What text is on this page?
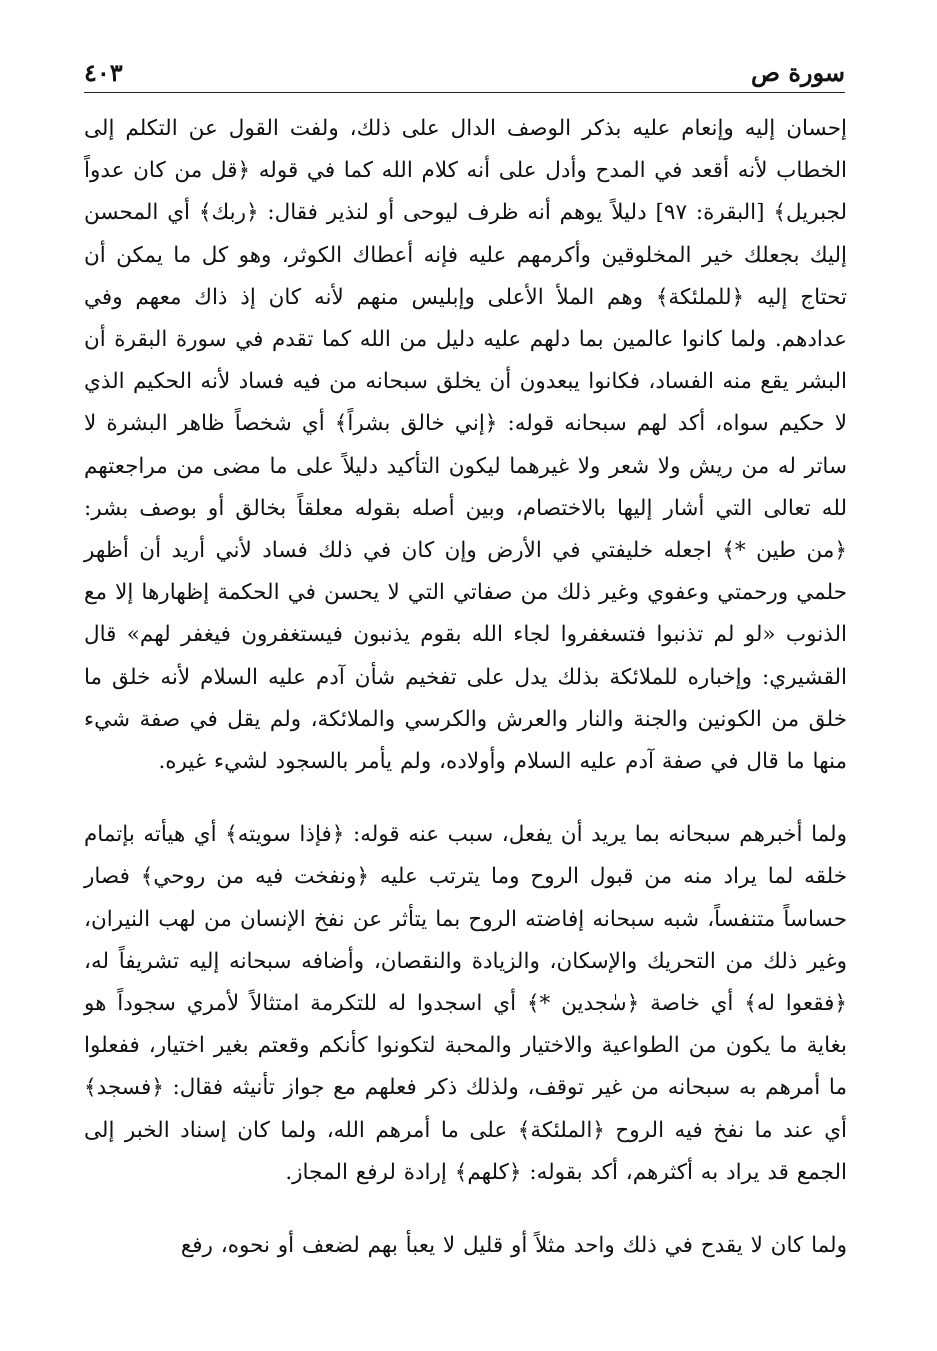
٤٠٣	سورة ص

إحسان إليه وإنعام عليه بذكر الوصف الدال على ذلك، ولفت القول عن التكلم إلى الخطاب لأنه أقعد في المدح وأدل على أنه كلام الله كما في قوله ﴿قل من كان عدواً لجبريل﴾ [البقرة: ٩٧] دليلاً يوهم أنه ظرف ليوحى أو لنذير فقال: ﴿ربك﴾ أي المحسن إليك بجعلك خير المخلوقين وأكرمهم عليه فإنه أعطاك الكوثر، وهو كل ما يمكن أن تحتاج إليه ﴿للملئكة﴾ وهم الملأ الأعلى وإبليس منهم لأنه كان إذ ذاك معهم وفي عدادهم. ولما كانوا عالمين بما دلهم عليه دليل من الله كما تقدم في سورة البقرة أن البشر يقع منه الفساد، فكانوا يبعدون أن يخلق سبحانه من فيه فساد لأنه الحكيم الذي لا حكيم سواه، أكد لهم سبحانه قوله: ﴿إني خالق بشراً﴾ أي شخصاً ظاهر البشرة لا ساتر له من ريش ولا شعر ولا غيرهما ليكون التأكيد دليلاً على ما مضى من مراجعتهم لله تعالى التي أشار إليها بالاختصام، وبين أصله بقوله معلقاً بخالق أو بوصف بشر: ﴿من طين *﴾ اجعله خليفتي في الأرض وإن كان في ذلك فساد لأني أريد أن أظهر حلمي ورحمتي وعفوي وغير ذلك من صفاتي التي لا يحسن في الحكمة إظهارها إلا مع الذنوب «لو لم تذنبوا فتسغفروا لجاء الله بقوم يذنبون فيستغفرون فيغفر لهم» قال القشيري: وإخباره للملائكة بذلك يدل على تفخيم شأن آدم عليه السلام لأنه خلق ما خلق من الكونين والجنة والنار والعرش والكرسي والملائكة، ولم يقل في صفة شيء منها ما قال في صفة آدم عليه السلام وأولاده، ولم يأمر بالسجود لشيء غيره.

ولما أخبرهم سبحانه بما يريد أن يفعل، سبب عنه قوله: ﴿فإذا سويته﴾ أي هيأته بإتمام خلقه لما يراد منه من قبول الروح وما يترتب عليه ﴿ونفخت فيه من روحي﴾ فصار حساساً متنفساً، شبه سبحانه إفاضته الروح بما يتأثر عن نفخ الإنسان من لهب النيران، وغير ذلك من التحريك والإسكان، والزيادة والنقصان، وأضافه سبحانه إليه تشريفاً له، ﴿فقعوا له﴾ أي خاصة ﴿سٰجدين *﴾ أي اسجدوا له للتكرمة امتثالاً لأمري سجوداً هو بغاية ما يكون من الطواعية والاختيار والمحبة لتكونوا كأنكم وقعتم بغير اختيار، ففعلوا ما أمرهم به سبحانه من غير توقف، ولذلك ذكر فعلهم مع جواز تأنيثه فقال: ﴿فسجد﴾ أي عند ما نفخ فيه الروح ﴿الملئكة﴾ على ما أمرهم الله، ولما كان إسناد الخبر إلى الجمع قد يراد به أكثرهم، أكد بقوله: ﴿كلهم﴾ إرادة لرفع المجاز.

ولما كان لا يقدح في ذلك واحد مثلاً أو قليل لا يعبأ بهم لضعف أو نحوه، رفع
